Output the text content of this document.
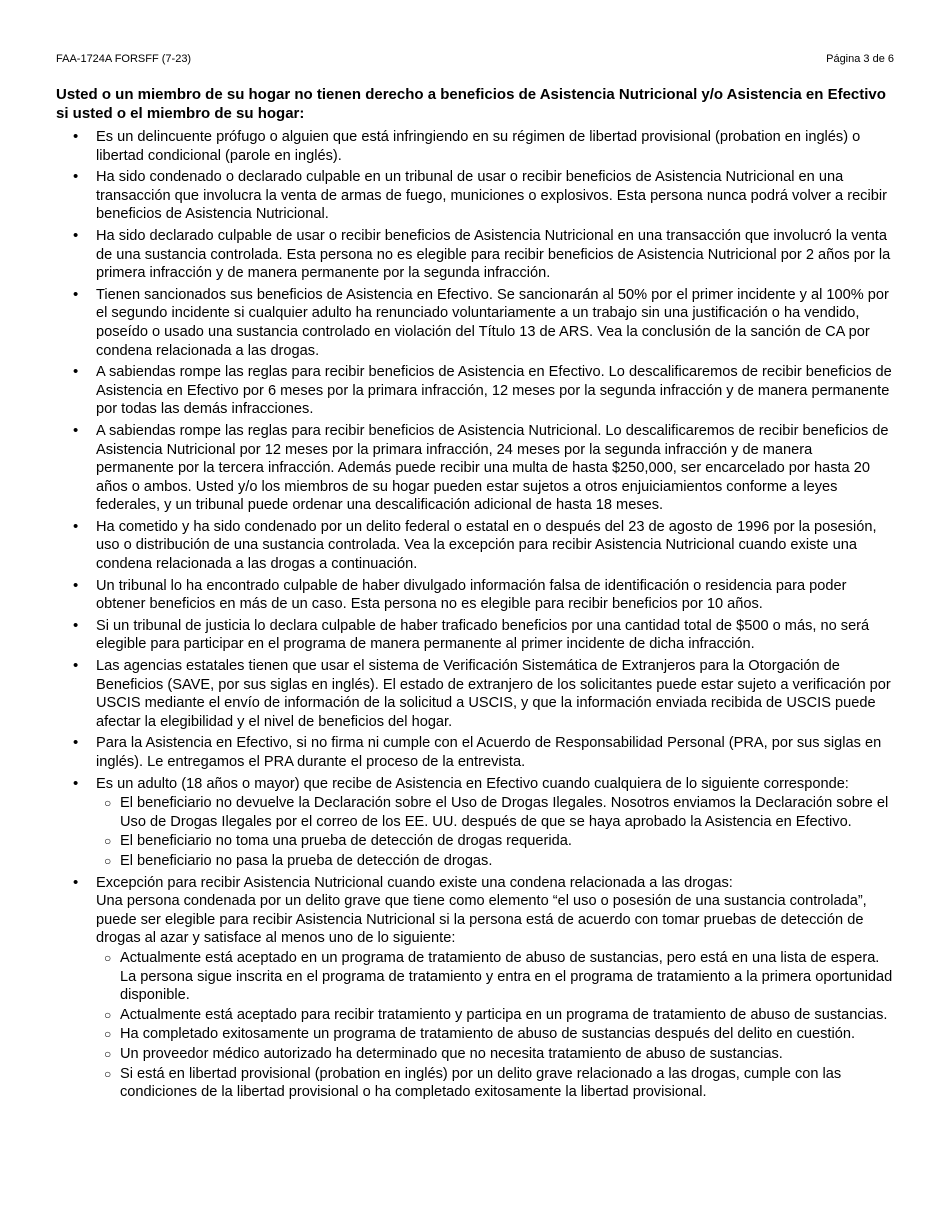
FAA-1724A FORSFF (7-23)	Página 3 de 6
Usted o un miembro de su hogar no tienen derecho a beneficios de Asistencia Nutricional y/o Asistencia en Efectivo si usted o el miembro de su hogar:
• Es un delincuente prófugo o alguien que está infringiendo en su régimen de libertad provisional (probation en inglés) o libertad condicional (parole en inglés).
• Ha sido condenado o declarado culpable en un tribunal de usar o recibir beneficios de Asistencia Nutricional en una transacción que involucra la venta de armas de fuego, municiones o explosivos. Esta persona nunca podrá volver a recibir beneficios de Asistencia Nutricional.
• Ha sido declarado culpable de usar o recibir beneficios de Asistencia Nutricional en una transacción que involucró la venta de una sustancia controlada. Esta persona no es elegible para recibir beneficios de Asistencia Nutricional por 2 años por la primera infracción y de manera permanente por la segunda infracción.
• Tienen sancionados sus beneficios de Asistencia en Efectivo. Se sancionarán al 50% por el primer incidente y al 100% por el segundo incidente si cualquier adulto ha renunciado voluntariamente a un trabajo sin una justificación o ha vendido, poseído o usado una sustancia controlado en violación del Título 13 de ARS. Vea la conclusión de la sanción de CA por condena relacionada a las drogas.
• A sabiendas rompe las reglas para recibir beneficios de Asistencia en Efectivo. Lo descalificaremos de recibir beneficios de Asistencia en Efectivo por 6 meses por la primara infracción, 12 meses por la segunda infracción y de manera permanente por todas las demás infracciones.
• A sabiendas rompe las reglas para recibir beneficios de Asistencia Nutricional. Lo descalificaremos de recibir beneficios de Asistencia Nutricional por 12 meses por la primara infracción, 24 meses por la segunda infracción y de manera permanente por la tercera infracción. Además puede recibir una multa de hasta $250,000, ser encarcelado por hasta 20 años o ambos. Usted y/o los miembros de su hogar pueden estar sujetos a otros enjuiciamientos conforme a leyes federales, y un tribunal puede ordenar una descalificación adicional de hasta 18 meses.
• Ha cometido y ha sido condenado por un delito federal o estatal en o después del 23 de agosto de 1996 por la posesión, uso o distribución de una sustancia controlada. Vea la excepción para recibir Asistencia Nutricional cuando existe una condena relacionada a las drogas a continuación.
• Un tribunal lo ha encontrado culpable de haber divulgado información falsa de identificación o residencia para poder obtener beneficios en más de un caso. Esta persona no es elegible para recibir beneficios por 10 años.
• Si un tribunal de justicia lo declara culpable de haber traficado beneficios por una cantidad total de $500 o más, no será elegible para participar en el programa de manera permanente al primer incidente de dicha infracción.
• Las agencias estatales tienen que usar el sistema de Verificación Sistemática de Extranjeros para la Otorgación de Beneficios (SAVE, por sus siglas en inglés). El estado de extranjero de los solicitantes puede estar sujeto a verificación por USCIS mediante el envío de información de la solicitud a USCIS, y que la información enviada recibida de USCIS puede afectar la elegibilidad y el nivel de beneficios del hogar.
• Para la Asistencia en Efectivo, si no firma ni cumple con el Acuerdo de Responsabilidad Personal (PRA, por sus siglas en inglés). Le entregamos el PRA durante el proceso de la entrevista.
• Es un adulto (18 años o mayor) que recibe de Asistencia en Efectivo cuando cualquiera de lo siguiente corresponde:
○ El beneficiario no devuelve la Declaración sobre el Uso de Drogas Ilegales. Nosotros enviamos la Declaración sobre el Uso de Drogas Ilegales por el correo de los EE. UU. después de que se haya aprobado la Asistencia en Efectivo.
○ El beneficiario no toma una prueba de detección de drogas requerida.
○ El beneficiario no pasa la prueba de detección de drogas.
• Excepción para recibir Asistencia Nutricional cuando existe una condena relacionada a las drogas:
Una persona condenada por un delito grave que tiene como elemento “el uso o posesión de una sustancia controlada”, puede ser elegible para recibir Asistencia Nutricional si la persona está de acuerdo con tomar pruebas de detección de drogas al azar y satisface al menos uno de lo siguiente:
○ Actualmente está aceptado en un programa de tratamiento de abuso de sustancias, pero está en una lista de espera. La persona sigue inscrita en el programa de tratamiento y entra en el programa de tratamiento a la primera oportunidad disponible.
○ Actualmente está aceptado para recibir tratamiento y participa en un programa de tratamiento de abuso de sustancias.
○ Ha completado exitosamente un programa de tratamiento de abuso de sustancias después del delito en cuestión.
○ Un proveedor médico autorizado ha determinado que no necesita tratamiento de abuso de sustancias.
○ Si está en libertad provisional (probation en inglés) por un delito grave relacionado a las drogas, cumple con las condiciones de la libertad provisional o ha completado exitosamente la libertad provisional.
